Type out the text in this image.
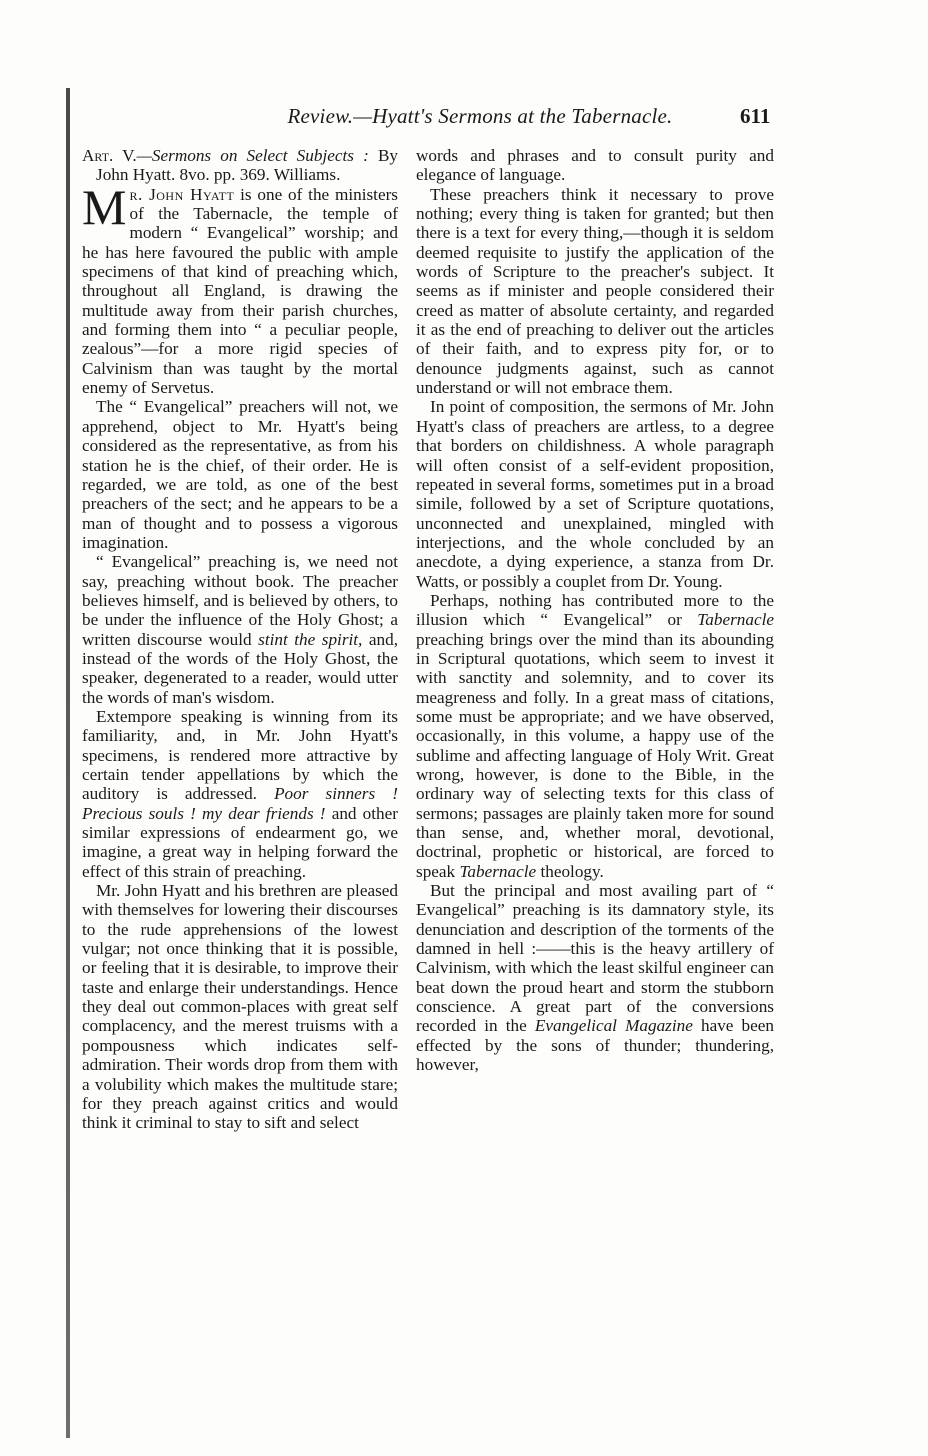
Review.—Hyatt's Sermons at the Tabernacle.	611
Art. V.—Sermons on Select Subjects : By John Hyatt. 8vo. pp. 369. Williams.

Mr. John Hyatt is one of the ministers of the Tabernacle, the temple of modern “ Evangelical” worship; and he has here favoured the public with ample specimens of that kind of preaching which, throughout all England, is drawing the multitude away from their parish churches, and forming them into “ a peculiar people, zealous”—for a more rigid species of Calvinism than was taught by the mortal enemy of Servetus.

The “ Evangelical” preachers will not, we apprehend, object to Mr. Hyatt's being considered as the representative, as from his station he is the chief, of their order. He is regarded, we are told, as one of the best preachers of the sect; and he appears to be a man of thought and to possess a vigorous imagination.

“ Evangelical” preaching is, we need not say, preaching without book. The preacher believes himself, and is believed by others, to be under the influence of the Holy Ghost; a written discourse would stint the spirit, and, instead of the words of the Holy Ghost, the speaker, degenerated to a reader, would utter the words of man's wisdom.

Extempore speaking is winning from its familiarity, and, in Mr. John Hyatt's specimens, is rendered more attractive by certain tender appellations by which the auditory is addressed. Poor sinners ! Precious souls ! my dear friends ! and other similar expressions of endearment go, we imagine, a great way in helping forward the effect of this strain of preaching.

Mr. John Hyatt and his brethren are pleased with themselves for lowering their discourses to the rude apprehensions of the lowest vulgar; not once thinking that it is possible, or feeling that it is desirable, to improve their taste and enlarge their understandings. Hence they deal out common-places with great self complacency, and the merest truisms with a pompousness which indicates self-admiration. Their words drop from them with a volubility which makes the multitude stare; for they preach against critics and would think it criminal to stay to sift and select

words and phrases and to consult purity and elegance of language.

These preachers think it necessary to prove nothing; every thing is taken for granted; but then there is a text for every thing,—though it is seldom deemed requisite to justify the application of the words of Scripture to the preacher's subject. It seems as if minister and people considered their creed as matter of absolute certainty, and regarded it as the end of preaching to deliver out the articles of their faith, and to express pity for, or to denounce judgments against, such as cannot understand or will not embrace them.

In point of composition, the sermons of Mr. John Hyatt's class of preachers are artless, to a degree that borders on childishness. A whole paragraph will often consist of a self-evident proposition, repeated in several forms, sometimes put in a broad simile, followed by a set of Scripture quotations, unconnected and unexplained, mingled with interjections, and the whole concluded by an anecdote, a dying experience, a stanza from Dr. Watts, or possibly a couplet from Dr. Young.

Perhaps, nothing has contributed more to the illusion which “ Evangelical” or Tabernacle preaching brings over the mind than its abounding in Scriptural quotations, which seem to invest it with sanctity and solemnity, and to cover its meagreness and folly. In a great mass of citations, some must be appropriate; and we have observed, occasionally, in this volume, a happy use of the sublime and affecting language of Holy Writ. Great wrong, however, is done to the Bible, in the ordinary way of selecting texts for this class of sermons; passages are plainly taken more for sound than sense, and, whether moral, devotional, doctrinal, prophetic or historical, are forced to speak Tabernacle theology.

But the principal and most availing part of “ Evangelical” preaching is its damnatory style, its denunciation and description of the torments of the damned in hell :——this is the heavy artillery of Calvinism, with which the least skilful engineer can beat down the proud heart and storm the stubborn conscience. A great part of the conversions recorded in the Evangelical Magazine have been effected by the sons of thunder; thundering, however,
